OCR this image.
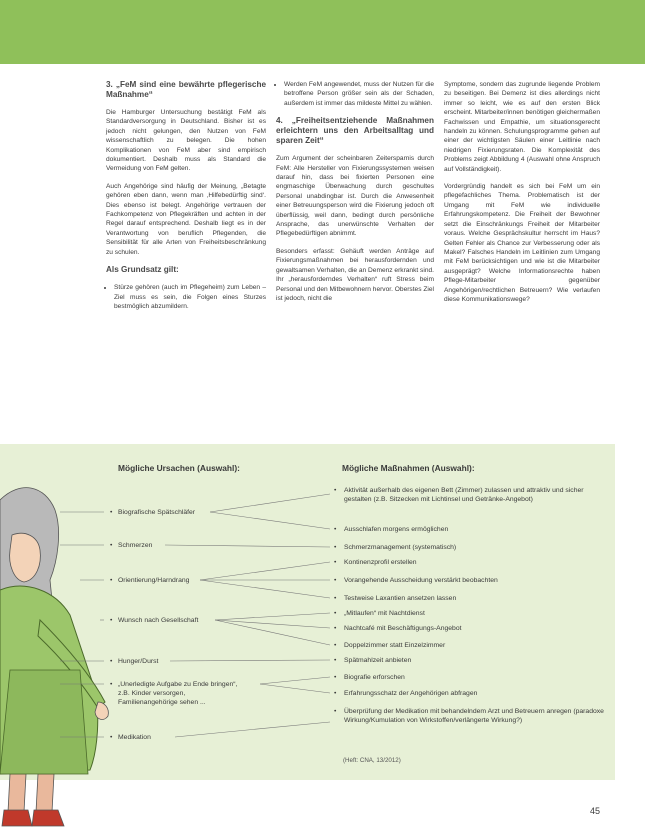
3. „FeM sind eine bewährte pflegerische Maßnahme“

Die Hamburger Untersuchung bestätigt FeM als Standardversorgung in Deutschland. Bisher ist es jedoch nicht gelungen, den Nutzen von FeM wissenschaftlich zu belegen. Die hohen Komplikationen von FeM aber sind empirisch dokumentiert. Deshalb muss als Standard die Vermeidung von FeM gelten.

Auch Angehörige sind häufig der Meinung, „Betagte gehören eben dann, wenn man ‚Hilfebedürftig sind‘. Dies ebenso ist belegt. Angehörige vertrauen der Fachkompetenz von Pflegekräften und achten in der Regel darauf entsprechend. Deshalb liegt es in der Verantwortung von beruflich Pflegenden, die Sensibilität für alle Arten von Freiheitsbeschränkung zu schulen.

Als Grundsatz gilt:
• Stürze gehören (auch im Pflegeheim) zum Leben – Ziel muss es sein, die Folgen eines Sturzes bestmöglich abzumildern.
• Werden FeM angewendet, muss der Nutzen für die betroffene Person größer sein als der Schaden, außerdem ist immer das mildeste Mittel zu wählen.
4. „Freiheitsentziehende Maßnahmen erleichtern uns den Arbeitsalltag und sparen Zeit“

Zum Argument der scheinbaren Zeitersparnis durch FeM: Alle Hersteller von Fixierungssystemen weisen darauf hin, dass bei fixierten Personen eine engmaschige Überwachung durch geschultes Personal unabdingbar ist. Durch die Anwesenheit einer Betreuungsperson wird die Fixierung jedoch oft überflüssig, weil dann, bedingt durch persönliche Ansprache, das unerwünschte Verhalten der Pflegebedürftigen abnimmt.

Besonders erfasst: Gehäuft werden Anträge auf Fixierungsmaßnahmen bei herausfordernden und gewaltsamen Verhalten, die an Demenz erkrankt sind. Ihr „herausforderndes Verhalten“ ruft Stress beim Personal und den Mitbewohnern hervor. Oberstes Ziel ist jedoch, nicht die

Symptome, sondern das zugrunde liegende Problem zu beseitigen. Bei Demenz ist dies allerdings nicht immer so leicht, wie es auf den ersten Blick erscheint. Mitarbeiter/innen benötigen gleichermaßen Fachwissen und Empathie, um situationsgerecht handeln zu können. Schulungsprogramme gehen auf einer der wichtigsten Säulen einer Leitlinie nach niedrigen Fixierungsraten. Die Komplexität des Problems zeigt Abbildung 4 (Auswahl ohne Anspruch auf Vollständigkeit).

Vordergründig handelt es sich bei FeM um ein pflegefachliches Thema. Problematisch ist der Umgang mit FeM wie individuelle Erfahrungskompetenz. Die Freiheit der Bewohner setzt die Einschränkungs Freiheit der Mitarbeiter voraus. Welche Gesprächskultur herrscht im Haus? Gelten Fehler als Chance zur Verbesserung oder als Makel? Falsches Handeln im Leitlinien zum Umgang mit FeM berücksichtigen und wie ist die Mitarbeiter ausgeprägt? Welche Informationsrechte haben Pflege-Mitarbeiter gegenüber Angehörigen/rechtlichen Betreuern? Wie verlaufen diese Kommunikationswege?

Mögliche Ursachen (Auswahl):	Mögliche Maßnahmen (Auswahl):
• Biografische Spätschläfer
• Schmerzen
• Orientierung/Harndrang
• Wunsch nach Gesellschaft
• Hunger/Durst
• „Unerledigte Aufgabe zu Ende bringen“,
z.B. Kinder versorgen,
Familienangehörige sehen ...
• Medikation
•	Aktivität außerhalb des eigenen Bett (Zimmer) zulassen und attraktiv und sicher gestalten (z.B. Sitzecken mit Lichtinsel und Getränke-Angebot)
•	Ausschlafen morgens ermöglichen
•	Schmerzmanagement (systematisch)
•	Kontinenzprofil erstellen
•	Vorangehende Ausscheidung verstärkt beobachten
•	Testweise Laxantien ansetzen lassen
•	„Mitlaufen“ mit Nachtdienst
•	Nachtcafé mit Beschäftigungs-Angebot
•	Doppelzimmer statt Einzelzimmer
•	Spätmahlzeit anbieten
•	Biografie erforschen
•	Erfahrungsschatz der Angehörigen abfragen
•	Überprüfung der Medikation mit behandelndem Arzt und Betreuern anregen (paradoxe Wirkung/Kumulation von Wirkstoffen/verlängerte Wirkung?)
(Heft: CNA, 13/2012)
45
